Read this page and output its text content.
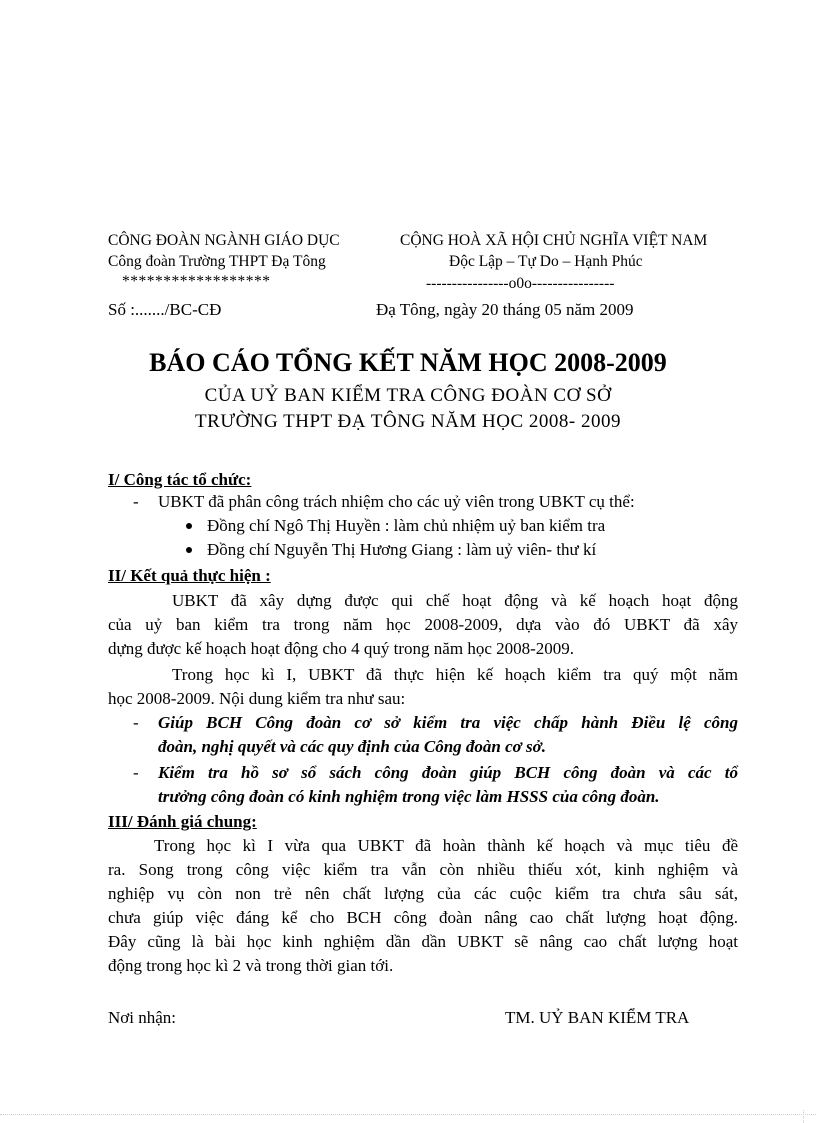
CÔNG ĐOÀN NGÀNH GIÁO DỤC
Công đoàn Trường THPT Đạ Tông
******************
CỘNG HOÀ XÃ HỘI CHỦ NGHĨA VIỆT NAM
Độc Lập – Tự Do – Hạnh Phúc
----------------o0o----------------
Số :......./BC-CĐ	Đạ Tông, ngày 20 tháng 05 năm 2009
BÁO CÁO TỔNG KẾT NĂM HỌC 2008-2009
CỦA UỶ BAN KIỂM TRA CÔNG ĐOÀN CƠ SỞ
TRƯỜNG THPT ĐẠ TÔNG NĂM HỌC 2008- 2009
I/ Công tác tổ chức:
- UBKT đã phân công trách nhiệm cho các uỷ viên trong UBKT cụ thể:
Đồng chí Ngô Thị Huyền : làm chủ nhiệm uỷ ban kiểm tra
Đồng chí Nguyễn Thị Hương Giang : làm uỷ viên- thư kí
II/ Kết quả thực hiện :
UBKT đã xây dựng được qui chế hoạt động và kế hoạch hoạt động
của uỷ ban kiểm tra trong năm học 2008-2009, dựa vào đó UBKT đã xây
dựng được kế hoạch hoạt động cho 4 quý trong năm học 2008-2009.
Trong học kì I, UBKT đã thực hiện kế hoạch kiểm tra quý một năm
học 2008-2009. Nội dung kiểm tra như sau:
- Giúp BCH Công đoàn cơ sở kiểm tra việc chấp hành Điều lệ công
đoàn, nghị quyết và các quy định của Công đoàn cơ sở.
- Kiểm tra hồ sơ sổ sách công đoàn giúp BCH công đoàn và các tổ
trưởng công đoàn có kinh nghiệm trong việc làm HSSS của công đoàn.
III/ Đánh giá chung:
Trong học kì I vừa qua UBKT đã hoàn thành kế hoạch và mục tiêu đề
ra. Song trong công việc kiểm tra vẫn còn nhiều thiếu xót, kinh nghiệm và
nghiệp vụ còn non trẻ nên chất lượng của các cuộc kiểm tra chưa sâu sát,
chưa giúp việc đáng kể cho BCH công đoàn nâng cao chất lượng hoạt động.
Đây cũng là bài học kinh nghiệm dần dần UBKT sẽ nâng cao chất lượng hoạt
động trong học kì 2 và trong thời gian tới.
Nơi nhận:	TM. UỶ BAN KIỂM TRA
